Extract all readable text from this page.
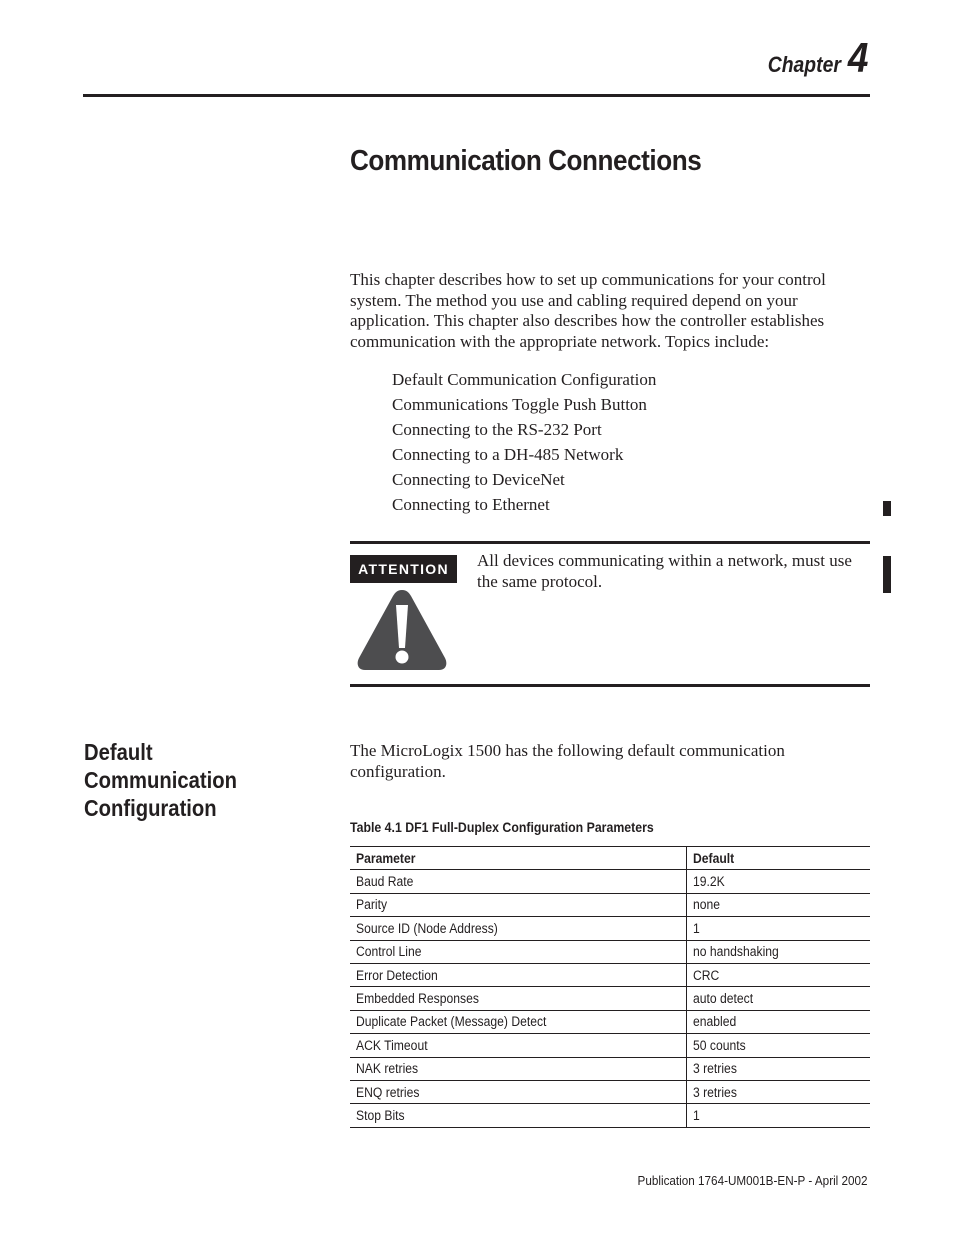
Chapter 4
Communication Connections

This chapter describes how to set up communications for your control system. The method you use and cabling required depend on your application. This chapter also describes how the controller establishes communication with the appropriate network. Topics include:

Default Communication Configuration
Communications Toggle Push Button
Connecting to the RS-232 Port
Connecting to a DH-485 Network
Connecting to DeviceNet
Connecting to Ethernet
ATTENTION	All devices communicating within a network, must use the same protocol.

Default Communication Configuration

The MicroLogix 1500 has the following default communication configuration.

Table 4.1 DF1 Full-Duplex Configuration Parameters
Parameter	Default
Baud Rate	19.2K
Parity	none
Source ID (Node Address)	1
Control Line	no handshaking
Error Detection	CRC
Embedded Responses	auto detect
Duplicate Packet (Message) Detect	enabled
ACK Timeout	50 counts
NAK retries	3 retries
ENQ retries	3 retries
Stop Bits	1
Publication 1764-UM001B-EN-P - April 2002
